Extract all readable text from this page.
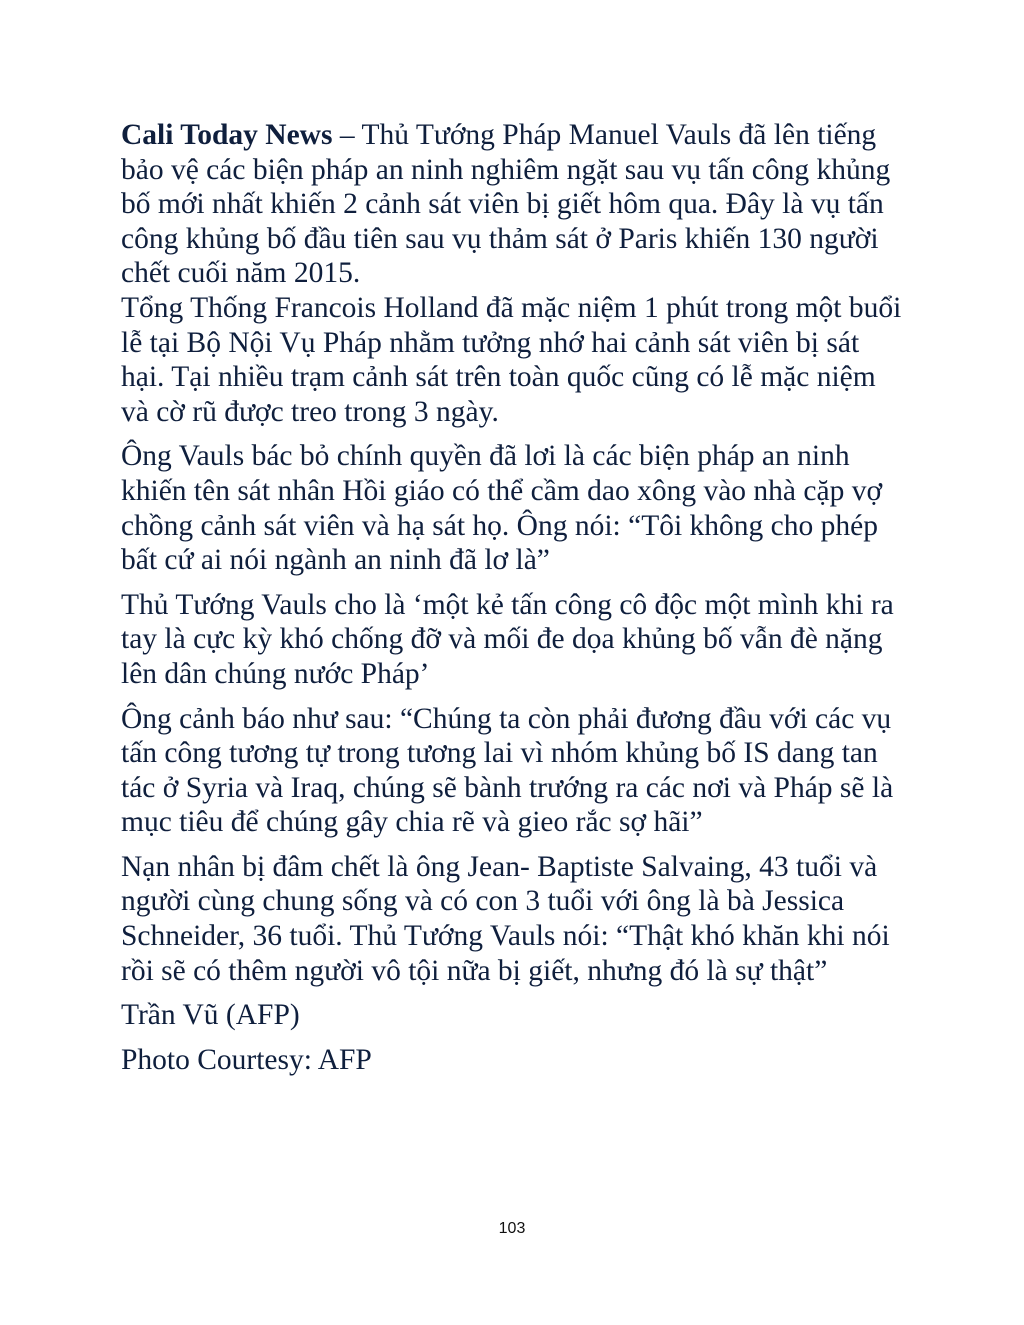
Cali Today News – Thủ Tướng Pháp Manuel Vauls đã lên tiếng bảo vệ các biện pháp an ninh nghiêm ngặt sau vụ tấn công khủng bố mới nhất khiến 2 cảnh sát viên bị giết hôm qua. Đây là vụ tấn công khủng bố đầu tiên sau vụ thảm sát ở Paris khiến 130 người chết cuối năm 2015.

Tổng Thống Francois Holland đã mặc niệm 1 phút trong một buổi lễ tại Bộ Nội Vụ Pháp nhằm tưởng nhớ hai cảnh sát viên bị sát hại. Tại nhiều trạm cảnh sát trên toàn quốc cũng có lễ mặc niệm và cờ rũ được treo trong 3 ngày.

Ông Vauls bác bỏ chính quyền đã lơi là các biện pháp an ninh khiến tên sát nhân Hồi giáo có thể cầm dao xông vào nhà cặp vợ chồng cảnh sát viên và hạ sát họ. Ông nói: “Tôi không cho phép bất cứ ai nói ngành an ninh đã lơ là”

Thủ Tướng Vauls cho là ‘một kẻ tấn công cô độc một mình khi ra tay là cực kỳ khó chống đỡ và mối đe dọa khủng bố vẫn đè nặng lên dân chúng nước Pháp’

Ông cảnh báo như sau: “Chúng ta còn phải đương đầu với các vụ tấn công tương tự trong tương lai vì nhóm khủng bố IS dang tan tác ở Syria và Iraq, chúng sẽ bành trướng ra các nơi và Pháp sẽ là mục tiêu để chúng gây chia rẽ và gieo rắc sợ hãi”

Nạn nhân bị đâm chết là ông Jean- Baptiste Salvaing, 43 tuổi và người cùng chung sống và có con 3 tuổi với ông là bà Jessica Schneider, 36 tuổi. Thủ Tướng Vauls nói: “Thật khó khăn khi nói rồi sẽ có thêm người vô tội nữa bị giết, nhưng đó là sự thật”

Trần Vũ (AFP)

Photo Courtesy: AFP

103
